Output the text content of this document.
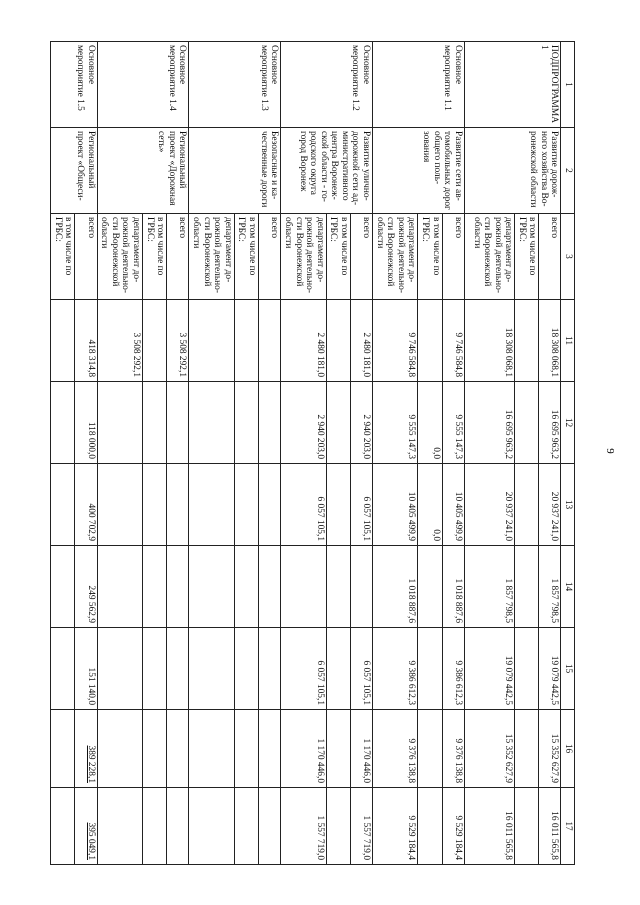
9
1	2	3	11	12	13	14	15	16	17
ПОДПРОГРАММА 1	Развитие дорожного хозяйства Воронежской области	всего	18 308 068,1	16 695 963,2	20 937 241,0	1 857 798,5	19 079 442,5	15 352 627,9	16 011 565,8
		в том числе по ГРБС:							
		департамент дорожной деятельности Воронежской области	18 308 068,1	16 695 963,2	20 937 241,0	1 857 798,5	19 079 442,5	15 352 627,9	16 011 565,8
Основное мероприятие 1.1	Развитие сети автомобильных дорог общего пользования	всего	9 746 584,8	9 555 147,3	10 405 499,9	1 018 887,6	9 386 612,3	9 376 138,8	9 529 184,4
		в том числе по ГРБС:		0,0	0,0				
		департамент дорожной деятельности Воронежской области	9 746 584,8	9 555 147,3	10 405 499,9	1 018 887,6	9 386 612,3	9 376 138,8	9 529 184,4
Основное мероприятие 1.2	Развитие улично-дорожной сети административного центра Воронежской области - городского округа город Воронеж	всего	2 480 181,0	2 940 203,0	6 057 105,1		6 057 105,1	1 170 446,0	1 557 719,0
		в том числе по ГРБС:							
		департамент дорожной деятельности Воронежской области	2 480 181,0	2 940 203,0	6 057 105,1		6 057 105,1	1 170 446,0	1 557 719,0
Основное мероприятие 1.3	Безопасные и качественные дороги	всего							
		в том числе по ГРБС:							
		департамент дорожной деятельности Воронежской области							
Основное мероприятие 1.4	Региональный проект «Дорожная сеть»	всего	3 508 292,1						
		в том числе по ГРБС:							
		департамент дорожной деятельности Воронежской области	3 508 292,1						
Основное мероприятие 1.5	Региональный проект «Общеси-	всего	418 314,8	118 000,0	400 702,9	249 562,9	151 140,0	389 228,1	395 049,1
		в том числе по ГРБС:							
